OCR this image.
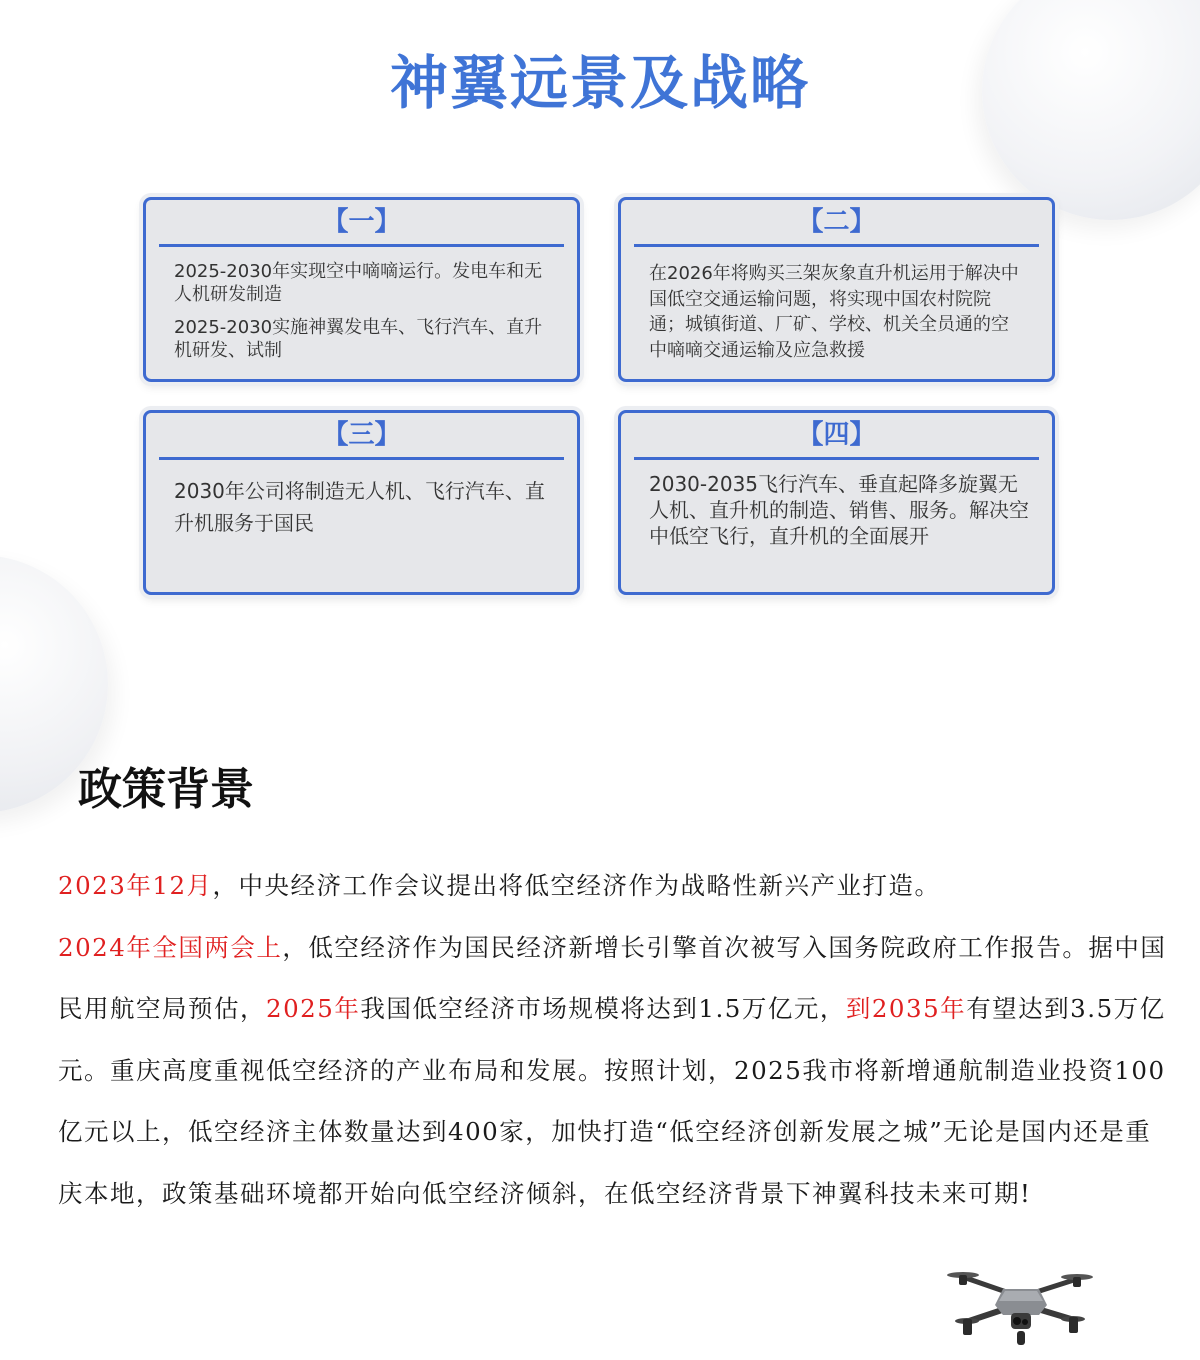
神翼远景及战略
【一】

2025-2030年实现空中嘀嘀运行。发电车和无人机研发制造

2025-2030实施神翼发电车、飞行汽车、直升机研发、试制

【二】

在2026年将购买三架灰象直升机运用于解决中国低空交通运输问题，将实现中国农村院院通；城镇街道、厂矿、学校、机关全员通的空中嘀嘀交通运输及应急救援

【三】

2030年公司将制造无人机、飞行汽车、直升机服务于国民

【四】

2030-2035飞行汽车、垂直起降多旋翼无人机、直升机的制造、销售、服务。解决空中低空飞行，直升机的全面展开

政策背景

2023年12月，中央经济工作会议提出将低空经济作为战略性新兴产业打造。
2024年全国两会上，低空经济作为国民经济新增长引擎首次被写入国务院政府工作报告。据中国民用航空局预估，2025年我国低空经济市场规模将达到1.5万亿元，到2035年有望达到3.5万亿元。重庆高度重视低空经济的产业布局和发展。按照计划，2025我市将新增通航制造业投资100亿元以上，低空经济主体数量达到400家，加快打造“低空经济创新发展之城”无论是国内还是重庆本地，政策基础环境都开始向低空经济倾斜，在低空经济背景下神翼科技未来可期!
